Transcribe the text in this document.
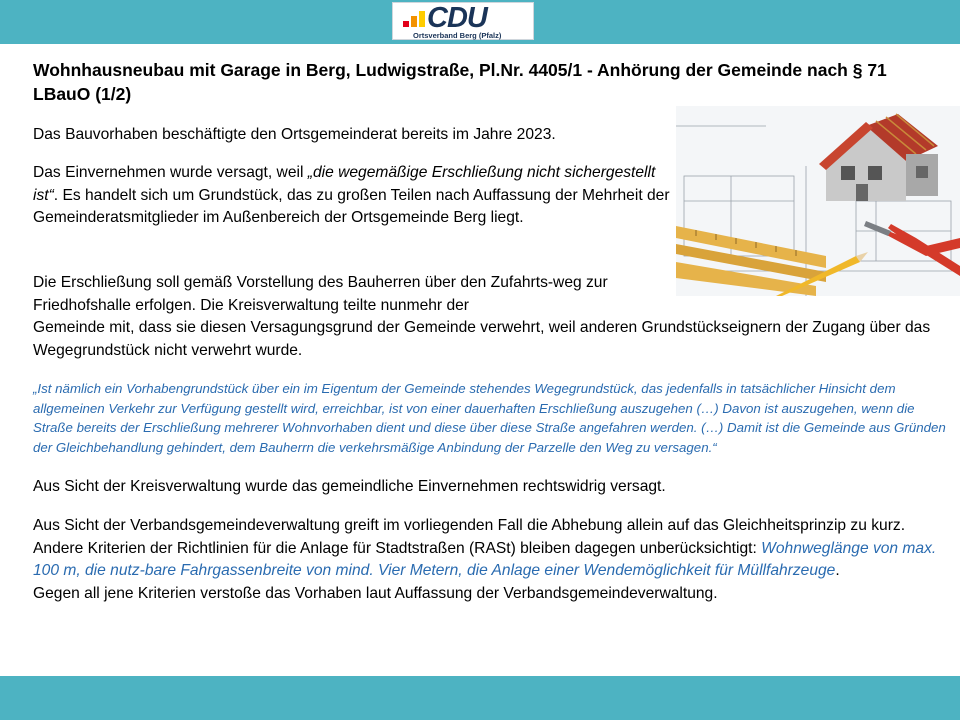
CDU
Ortsverband Berg (Pfalz)
Wohnhausneubau mit Garage in Berg, Ludwigstraße, Pl.Nr. 4405/1 - Anhörung der Gemeinde nach § 71 LBauO (1/2)
Das Bauvorhaben beschäftigte den Ortsgemeinderat bereits im Jahre 2023.
Das Einvernehmen wurde versagt, weil „die wegemäßige Erschließung nicht sichergestellt ist“. Es handelt sich um Grundstück, das zu großen Teilen nach Auffassung der Mehrheit der Gemeinderatsmitglieder im Außenbereich der Ortsgemeinde Berg liegt.
Die Erschließung soll gemäß Vorstellung des Bauherren über den Zufahrts-weg zur Friedhofshalle erfolgen. Die Kreisverwaltung teilte nunmehr der
Gemeinde mit, dass sie diesen Versagungsgrund der Gemeinde verwehrt, weil anderen Grundstückseignern der Zugang über das Wegegrundstück nicht verwehrt wurde.
„Ist nämlich ein Vorhabengrundstück über ein im Eigentum der Gemeinde stehendes Wegegrundstück, das jedenfalls in tatsächlicher Hinsicht dem allgemeinen Verkehr zur Verfügung gestellt wird, erreichbar, ist von einer dauerhaften Erschließung auszugehen (…) Davon ist auszugehen, wenn die Straße bereits der Erschließung mehrerer Wohnvorhaben dient und diese über diese Straße angefahren werden. (…) Damit ist die Gemeinde aus Gründen der Gleichbehandlung gehindert, dem Bauherrn die verkehrsmäßige Anbindung der Parzelle den Weg zu versagen.“
Aus Sicht der Kreisverwaltung wurde das gemeindliche Einvernehmen rechtswidrig versagt.
Aus Sicht der Verbandsgemeindeverwaltung greift im vorliegenden Fall die Abhebung allein auf das Gleichheitsprinzip zu kurz. Andere Kriterien der Richtlinien für die Anlage für Stadtstraßen (RASt) bleiben dagegen unberücksichtigt: Wohnweglänge von max. 100 m, die nutz-bare Fahrgassenbreite von mind. Vier Metern, die Anlage einer Wendemöglichkeit für Müllfahrzeuge.
Gegen all jene Kriterien verstoße das Vorhaben laut Auffassung der Verbandsgemeindeverwaltung.
